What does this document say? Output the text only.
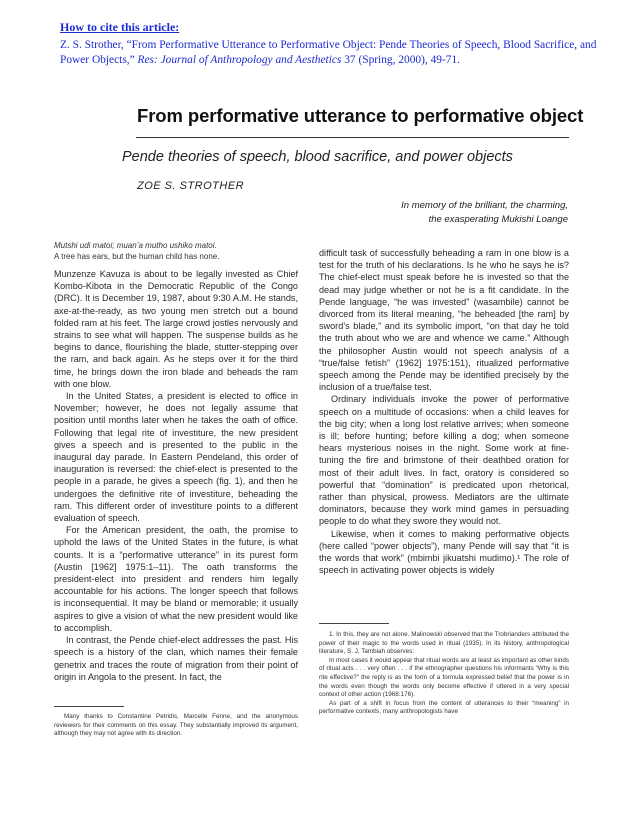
How to cite this article:
Z. S. Strother, “From Performative Utterance to Performative Object: Pende Theories of Speech, Blood Sacrifice, and Power Objects,” Res: Journal of Anthropology and Aesthetics 37 (Spring, 2000), 49-71.
From performative utterance to performative object
Pende theories of speech, blood sacrifice, and power objects
ZOE S. STROTHER
In memory of the brilliant, the charming,
the exasperating Mukishi Loange
Mutshi udi matoi; muan’a mutho ushiko matoi.
A tree has ears, but the human child has none.

Munzenze Kavuza is about to be legally invested as Chief Kombo-Kibota in the Democratic Republic of the Congo (DRC). It is December 19, 1987, about 9:30 A.M. He stands, axe-at-the-ready, as two young men stretch out a bound folded ram at his feet. The large crowd jostles nervously and strains to see what will happen. The suspense builds as he begins to dance, flourishing the blade, stutter-stepping over the ram, and back again. As he steps over it for the third time, he brings down the iron blade and beheads the ram with one blow.

In the United States, a president is elected to office in November; however, he does not legally assume that position until months later when he takes the oath of office. Following that legal rite of investiture, the new president gives a speech and is presented to the public in the inaugural day parade. In Eastern Pendeland, this order of inauguration is reversed: the chief-elect is presented to the people in a parade, he gives a speech (fig. 1), and then he undergoes the definitive rite of investiture, beheading the ram. This different order of investiture points to a different evaluation of speech.

For the American president, the oath, the promise to uphold the laws of the United States in the future, is what counts. It is a “performative utterance” in its purest form (Austin [1962] 1975:1–11). The oath transforms the president-elect into president and renders him legally accountable for his actions. The longer speech that follows is inconsequential. It may be bland or memorable; it usually aspires to give a vision of what the new president would like to accomplish.

In contrast, the Pende chief-elect addresses the past. His speech is a history of the clan, which names their female genetrix and traces the route of migration from their point of origin in Angola to the present. In fact, the

Many thanks to Constantine Petridis, Marcelle Fenne, and the anonymous reviewers for their comments on this essay. They substantially improved its argument, although they may not agree with its direction.

difficult task of successfully beheading a ram in one blow is a test for the truth of his declarations. Is he who he says he is? The chief-elect must speak before he is invested so that the dead may judge whether or not he is a fit candidate. In the Pende language, “he was invested” (wasambile) cannot be divorced from its literal meaning, “he beheaded [the ram] by sword’s blade,” and its symbolic import, “on that day he told the truth about who we are and whence we came.” Although the philosopher Austin would not speech analysis of a “true/false fetish” (1962] 1975:151), ritualized performative speech among the Pende may be identified precisely by the inclusion of a true/false test.

Ordinary individuals invoke the power of performative speech on a multitude of occasions: when a child leaves for the big city; when a long lost relative arrives; when someone is ill; before hunting; before killing a dog; when someone hears mysterious noises in the night. Some work at fine-tuning the fire and brimstone of their deathbed oration for most of their adult lives. In fact, oratory is considered so powerful that “domination” is predicated upon rhetorical, rather than physical, prowess. Mediators are the ultimate dominators, because they work mind games in persuading people to do what they swore they would not.

Likewise, when it comes to making performative objects (here called “power objects”), many Pende will say that “it is the words that work” (mbimbi jikuatshi mudimo).¹ The role of speech in activating power objects is widely

1. In this, they are not alone. Malinowski observed that the Trobrianders attributed the power of their magic to the words used in ritual (1935). In its history, anthropological literature, S. J. Tambiah observes:

In most cases it would appear that ritual words are at least as important as other kinds of ritual acts . . . very often . . . if the ethnographer questions his informants “Why is this rite effective?” the reply is as the form of a formula expressed belief that the power is in the words even though the words only become effective if uttered in a very special context of other action (1968:176).

As part of a shift in focus from the content of utterances to their “meaning” in performative contexts, many anthropologists have
